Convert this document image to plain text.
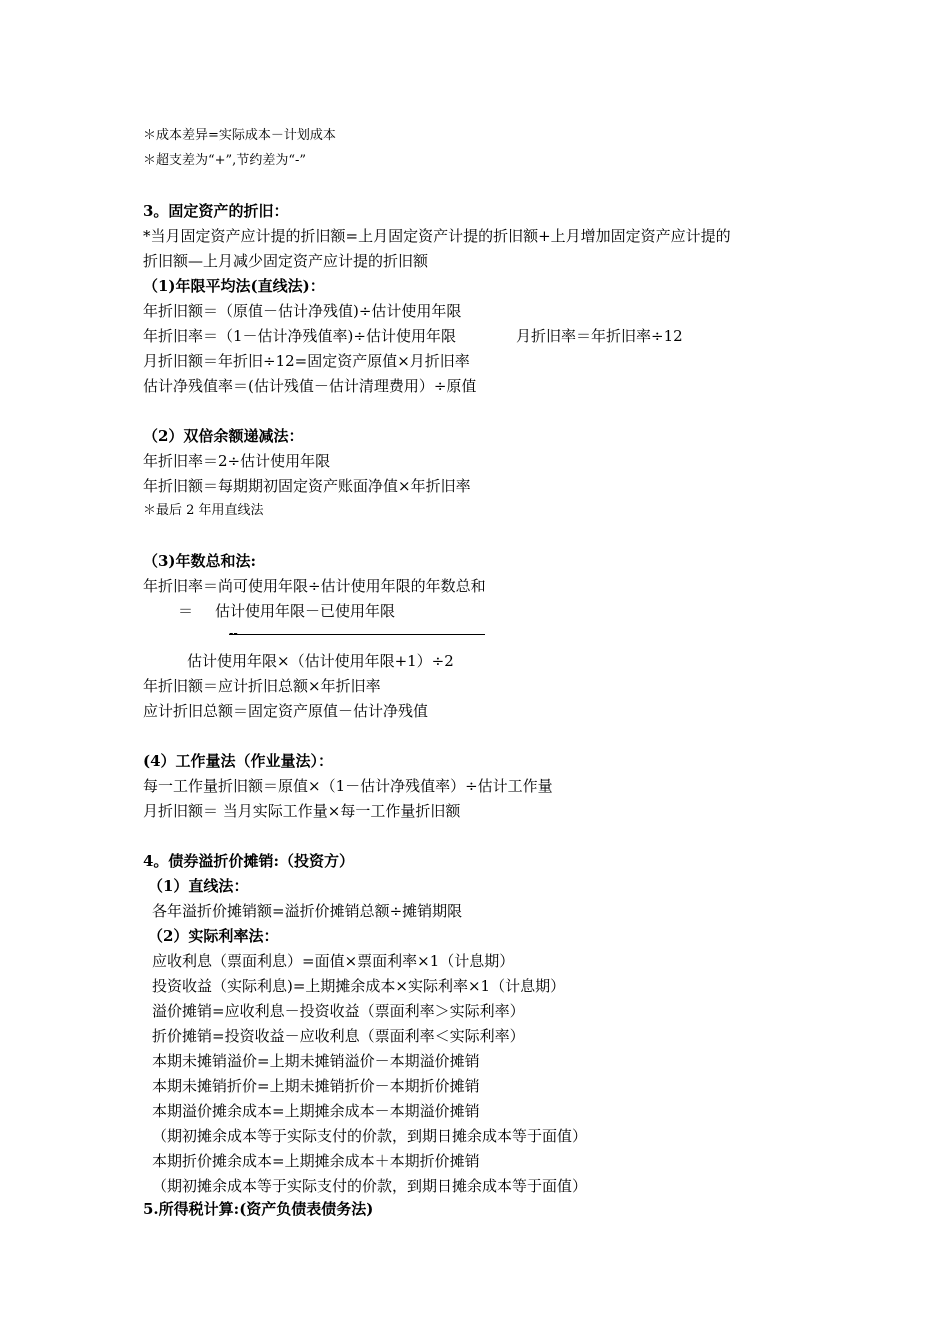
＊成本差异=实际成本－计划成本
＊超支差为“+”,节约差为“-”
3。固定资产的折旧：
*当月固定资产应计提的折旧额=上月固定资产计提的折旧额+上月增加固定资产应计提的
折旧额—上月减少固定资产应计提的折旧额
（1)年限平均法(直线法)：
年折旧额＝（原值－估计净残值)÷估计使用年限
年折旧率＝（1－估计净残值率)÷估计使用年限	月折旧率＝年折旧率÷12
月折旧额＝年折旧÷12=固定资产原值×月折旧率
估计净残值率＝(估计残值－估计清理费用）÷原值
（2）双倍余额递减法：
年折旧率＝2÷估计使用年限
年折旧额＝每期期初固定资产账面净值×年折旧率
＊最后 2 年用直线法
（3)年数总和法:
年折旧率＝尚可使用年限÷估计使用年限的年数总和
＝ 估计使用年限－已使用年限
--
估计使用年限×（估计使用年限+1）÷2
年折旧额＝应计折旧总额×年折旧率
应计折旧总额＝固定资产原值－估计净残值
(4）工作量法（作业量法）：
每一工作量折旧额＝原值×（1－估计净残值率）÷估计工作量
月折旧额＝ 当月实际工作量×每一工作量折旧额
4。债券溢折价摊销:（投资方）
（1）直线法：
各年溢折价摊销额=溢折价摊销总额÷摊销期限
（2）实际利率法：
应收利息（票面利息）=面值×票面利率×1（计息期）
投资收益（实际利息)=上期摊余成本×实际利率×1（计息期）
溢价摊销=应收利息－投资收益（票面利率＞实际利率）
折价摊销=投资收益－应收利息（票面利率＜实际利率）
本期未摊销溢价=上期未摊销溢价－本期溢价摊销
本期未摊销折价=上期未摊销折价－本期折价摊销
本期溢价摊余成本=上期摊余成本－本期溢价摊销
（期初摊余成本等于实际支付的价款，到期日摊余成本等于面值）
本期折价摊余成本=上期摊余成本＋本期折价摊销
（期初摊余成本等于实际支付的价款，到期日摊余成本等于面值）
5.所得税计算:(资产负债表债务法)
